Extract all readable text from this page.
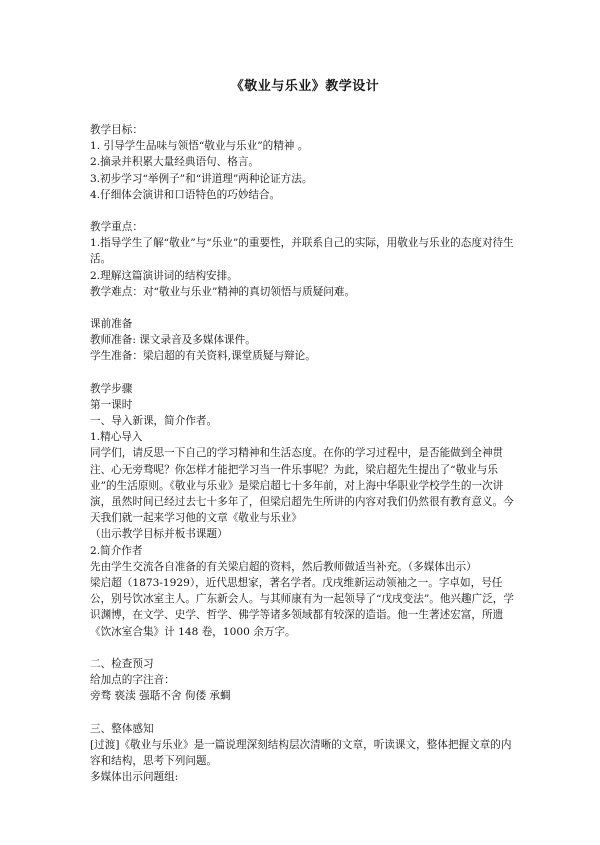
《敬业与乐业》教学设计
教学目标：
1. 引导学生品味与领悟“敬业与乐业”的精神 。
2.摘录并积累大量经典语句、格言。
3.初步学习“举例子”和“讲道理”两种论证方法。
4.仔细体会演讲和口语特色的巧妙结合。
教学重点：
1.指导学生了解“敬业”与“乐业”的重要性，并联系自己的实际，用敬业与乐业的态度对待生活。
2.理解这篇演讲词的结构安排。
教学难点：对“敬业与乐业”精神的真切领悟与质疑问难。
课前准备
教师准备: 课文录音及多媒体课件。
学生准备：梁启超的有关资料,课堂质疑与辩论。
教学步骤
第一课时
一、导入新课，简介作者。
1.精心导入
同学们，请反思一下自己的学习精神和生活态度。在你的学习过程中，是否能做到全神贯注、心无旁骛呢？你怎样才能把学习当一件乐事呢？为此，梁启超先生提出了“敬业与乐业”的生活原则。《敬业与乐业》是梁启超七十多年前，对上海中华职业学校学生的一次讲演，虽然时间已经过去七十多年了，但梁启超先生所讲的内容对我们仍然很有教育意义。今天我们就一起来学习他的文章《敬业与乐业》
（出示教学目标并板书课题）
2.简介作者
先由学生交流各自准备的有关梁启超的资料，然后教师做适当补充。（多媒体出示）
梁启超（1873-1929），近代思想家，著名学者。戊戌维新运动领袖之一。字卓如，号任公，别号饮冰室主人。广东新会人。与其师康有为一起领导了“戊戌变法”。他兴趣广泛，学识渊博，在文学、史学、哲学、佛学等诸多领域都有较深的造诣。他一生著述宏富，所遗《饮冰室合集》计 148 卷，1000 余万字。
二、检查预习
给加点的字注音：
旁骛 亵渎 强聒不舍 佝偻 承蜩
三、整体感知
[过渡]《敬业与乐业》是一篇说理深刻结构层次清晰的文章，听读课文，整体把握文章的内容和结构，思考下列问题。
多媒体出示问题组:
